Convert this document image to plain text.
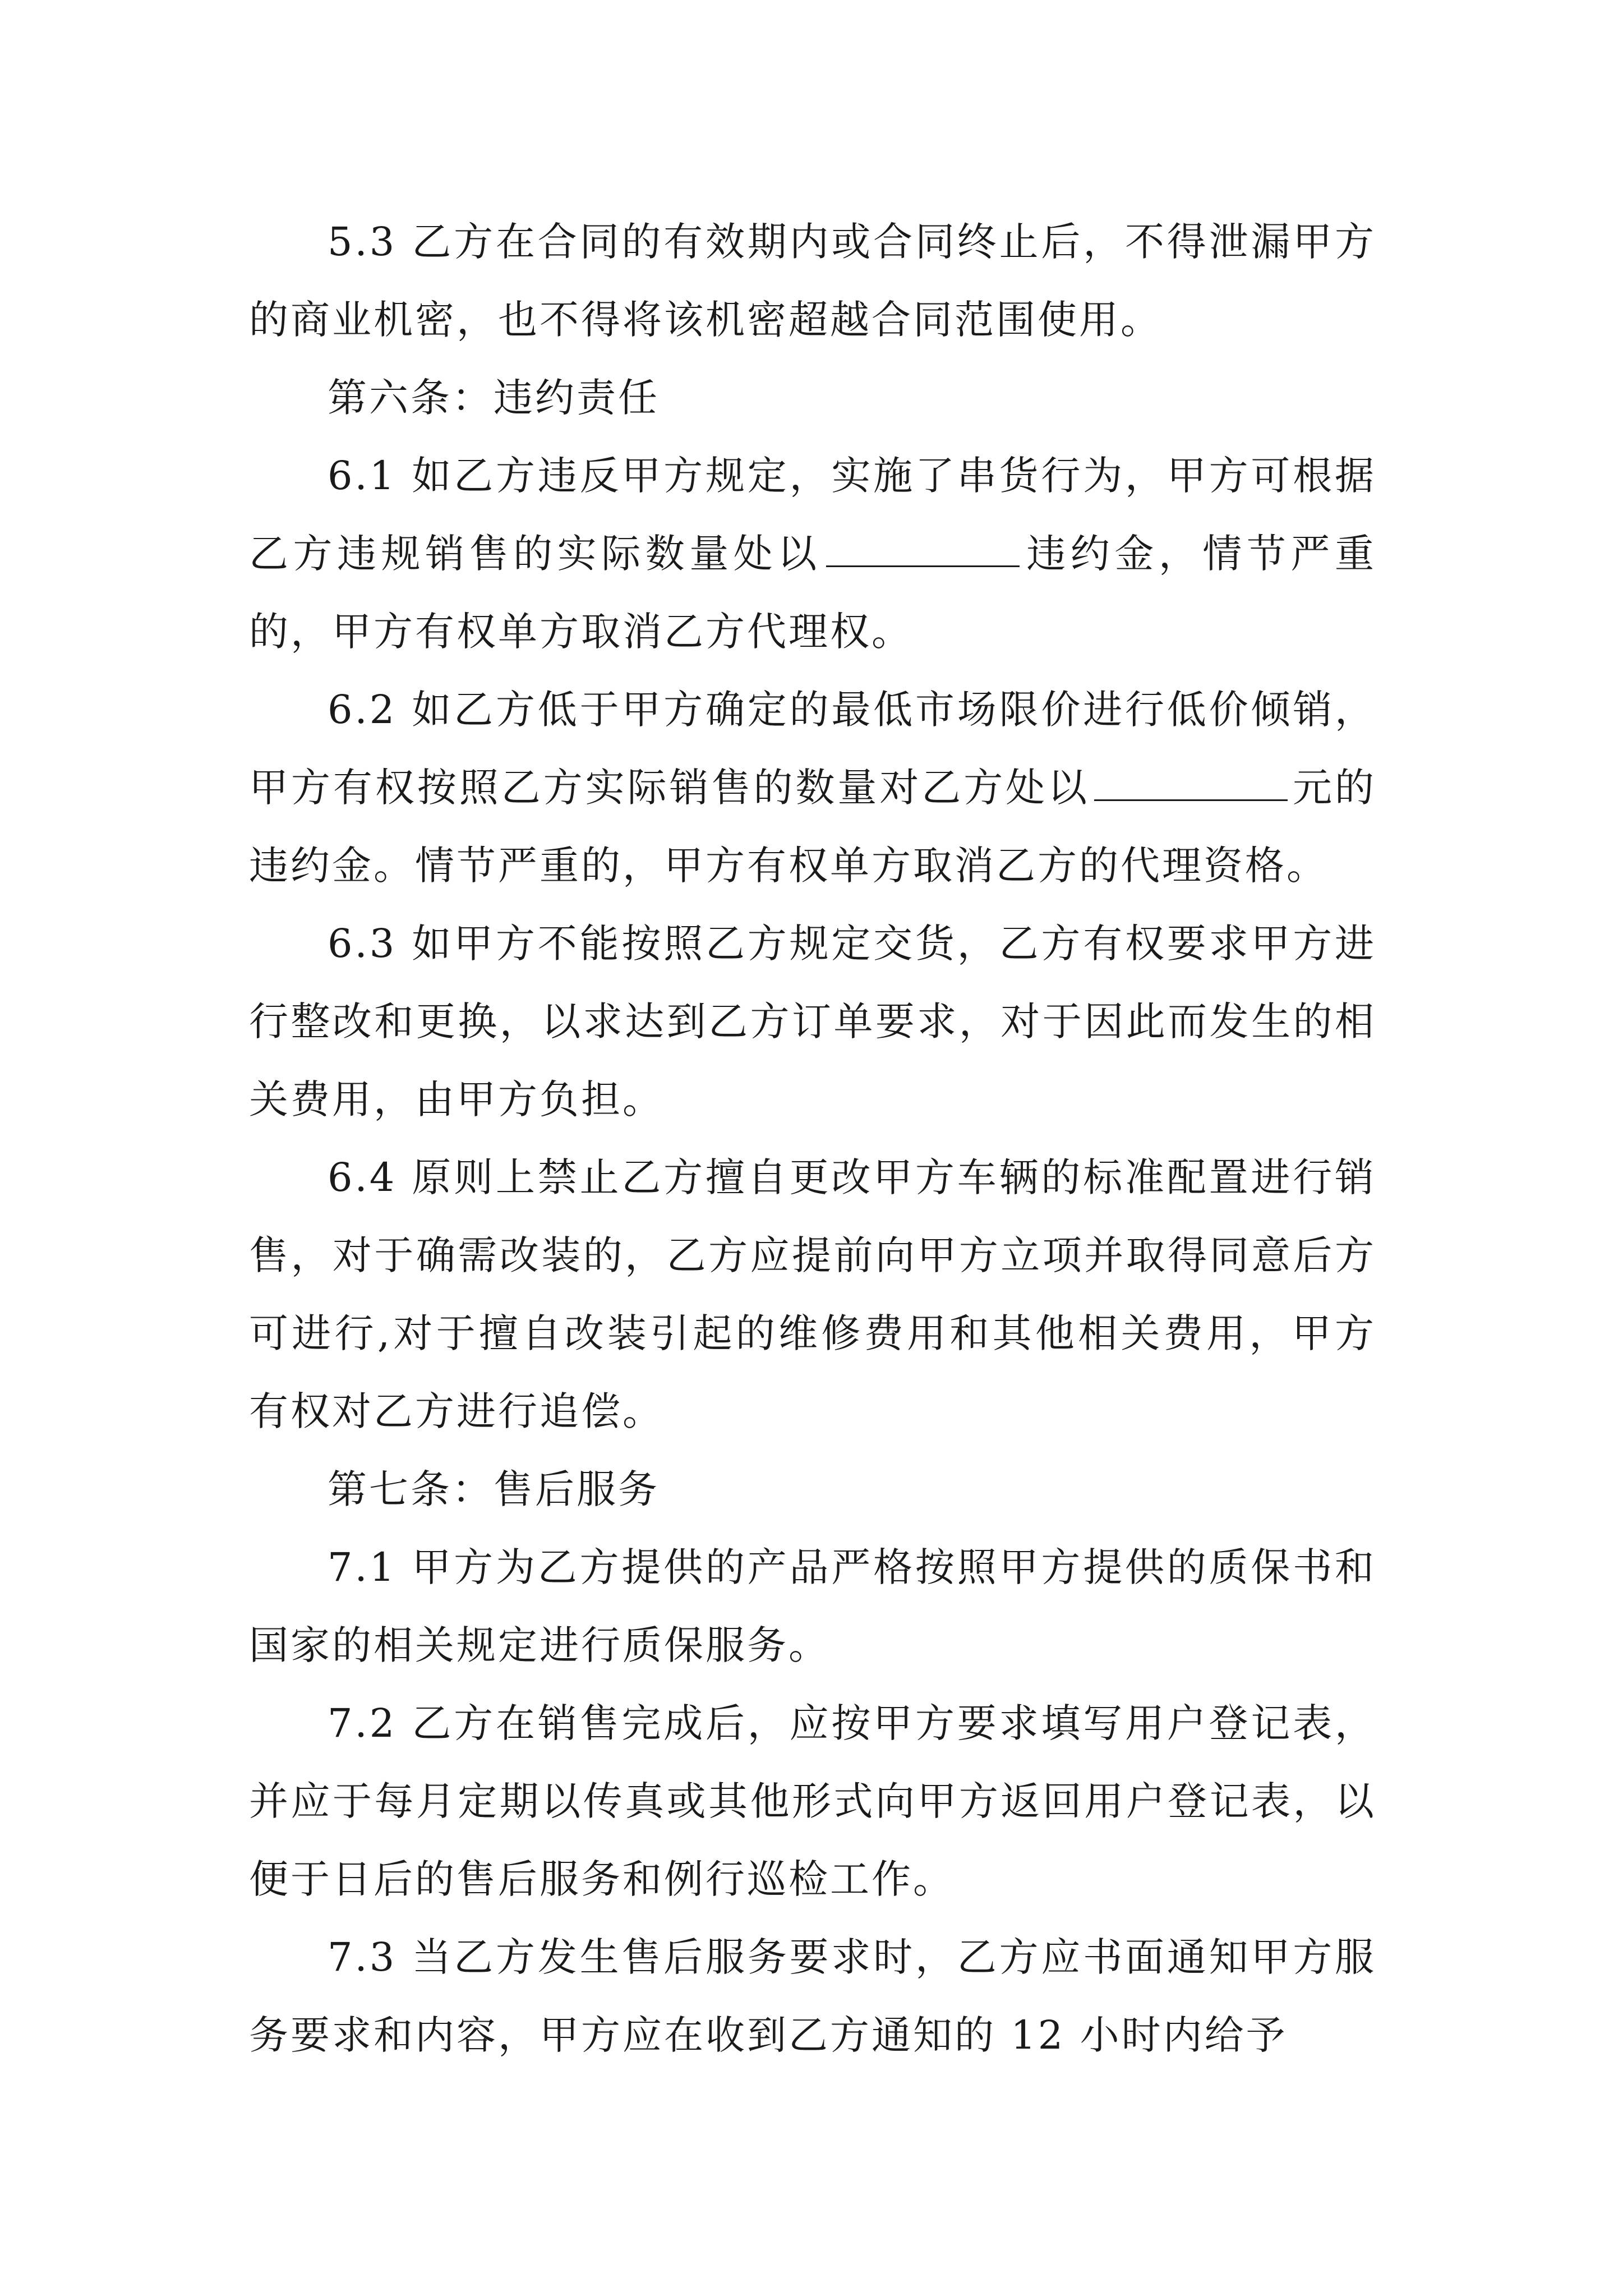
5.3 乙方在合同的有效期内或合同终止后，不得泄漏甲方的商业机密，也不得将该机密超越合同范围使用。

第六条：违约责任

6.1 如乙方违反甲方规定，实施了串货行为，甲方可根据乙方违规销售的实际数量处以	违约金，情节严重的，甲方有权单方取消乙方代理权。

6.2 如乙方低于甲方确定的最低市场限价进行低价倾销，甲方有权按照乙方实际销售的数量对乙方处以	元的违约金。情节严重的，甲方有权单方取消乙方的代理资格。

6.3 如甲方不能按照乙方规定交货，乙方有权要求甲方进行整改和更换，以求达到乙方订单要求，对于因此而发生的相关费用，由甲方负担。

6.4 原则上禁止乙方擅自更改甲方车辆的标准配置进行销售，对于确需改装的，乙方应提前向甲方立项并取得同意后方可进行,对于擅自改装引起的维修费用和其他相关费用，甲方有权对乙方进行追偿。

第七条：售后服务

7.1 甲方为乙方提供的产品严格按照甲方提供的质保书和国家的相关规定进行质保服务。

7.2 乙方在销售完成后，应按甲方要求填写用户登记表，并应于每月定期以传真或其他形式向甲方返回用户登记表，以便于日后的售后服务和例行巡检工作。

7.3 当乙方发生售后服务要求时，乙方应书面通知甲方服务要求和内容，甲方应在收到乙方通知的 12 小时内给予
